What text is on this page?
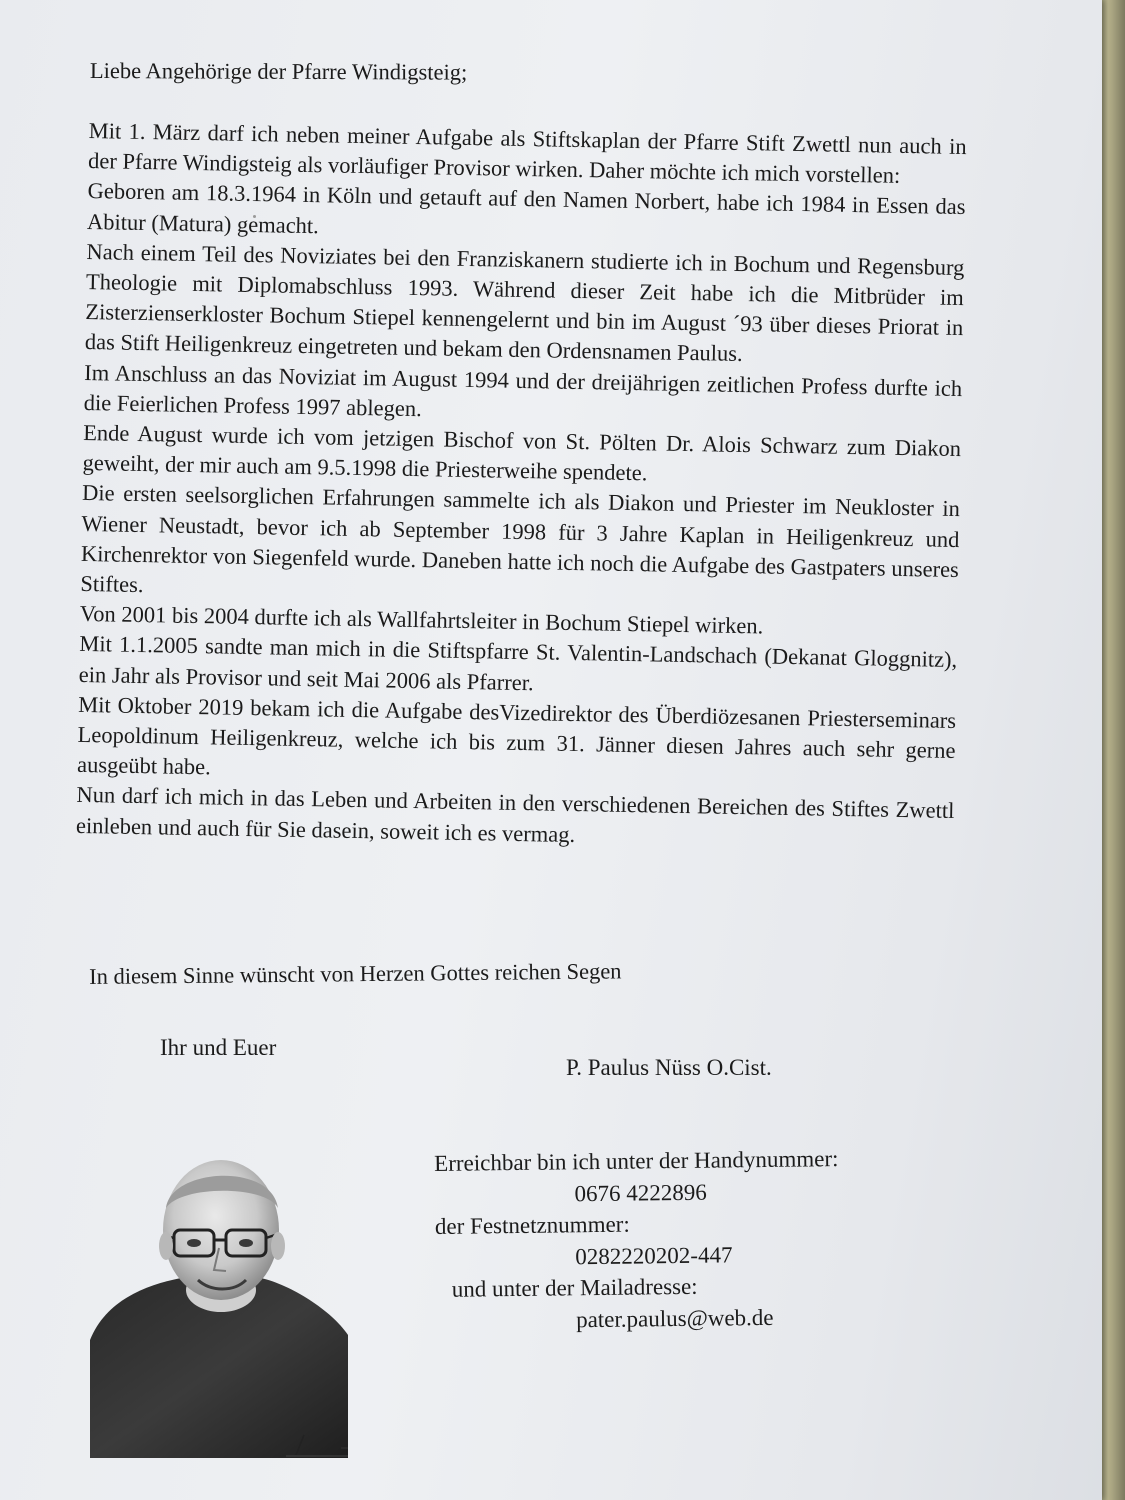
Liebe Angehörige der Pfarre Windigsteig;

Mit 1. März darf ich neben meiner Aufgabe als Stiftskaplan der Pfarre Stift Zwettl nun auch in der Pfarre Windigsteig als vorläufiger Provisor wirken. Daher möchte ich mich vorstellen:

Geboren am 18.3.1964 in Köln und getauft auf den Namen Norbert, habe ich 1984 in Essen das Abitur (Matura) gemacht.

Nach einem Teil des Noviziates bei den Franziskanern studierte ich in Bochum und Regensburg Theologie mit Diplomabschluss 1993. Während dieser Zeit habe ich die Mitbrüder im Zisterzienserkloster Bochum Stiepel kennengelernt und bin im August ´93 über dieses Priorat in das Stift Heiligenkreuz eingetreten und bekam den Ordensnamen Paulus.

Im Anschluss an das Noviziat im August 1994 und der dreijährigen zeitlichen Profess durfte ich die Feierlichen Profess 1997 ablegen.

Ende August wurde ich vom jetzigen Bischof von St. Pölten Dr. Alois Schwarz zum Diakon geweiht, der mir auch am 9.5.1998 die Priesterweihe spendete.

Die ersten seelsorglichen Erfahrungen sammelte ich als Diakon und Priester im Neukloster in Wiener Neustadt, bevor ich ab September 1998 für 3 Jahre Kaplan in Heiligenkreuz und Kirchenrektor von Siegenfeld wurde. Daneben hatte ich noch die Aufgabe des Gastpaters unseres Stiftes.

Von 2001 bis 2004 durfte ich als Wallfahrtsleiter in Bochum Stiepel wirken.

Mit 1.1.2005 sandte man mich in die Stiftspfarre St. Valentin-Landschach (Dekanat Gloggnitz), ein Jahr als Provisor und seit Mai 2006 als Pfarrer.

Mit Oktober 2019 bekam ich die Aufgabe desVizedirektor des Überdiözesanen Priesterseminars Leopoldinum Heiligenkreuz, welche ich bis zum 31. Jänner diesen Jahres auch sehr gerne ausgeübt habe.

Nun darf ich mich in das Leben und Arbeiten in den verschiedenen Bereichen des Stiftes Zwettl einleben und auch für Sie dasein, soweit ich es vermag.

In diesem Sinne wünscht von Herzen Gottes reichen Segen
Ihr und Euer
P. Paulus Nüss O.Cist.
Erreichbar bin ich unter der Handynummer:
0676 4222896
der Festnetznummer:
0282220202-447
und unter der Mailadresse:
pater.paulus@web.de
